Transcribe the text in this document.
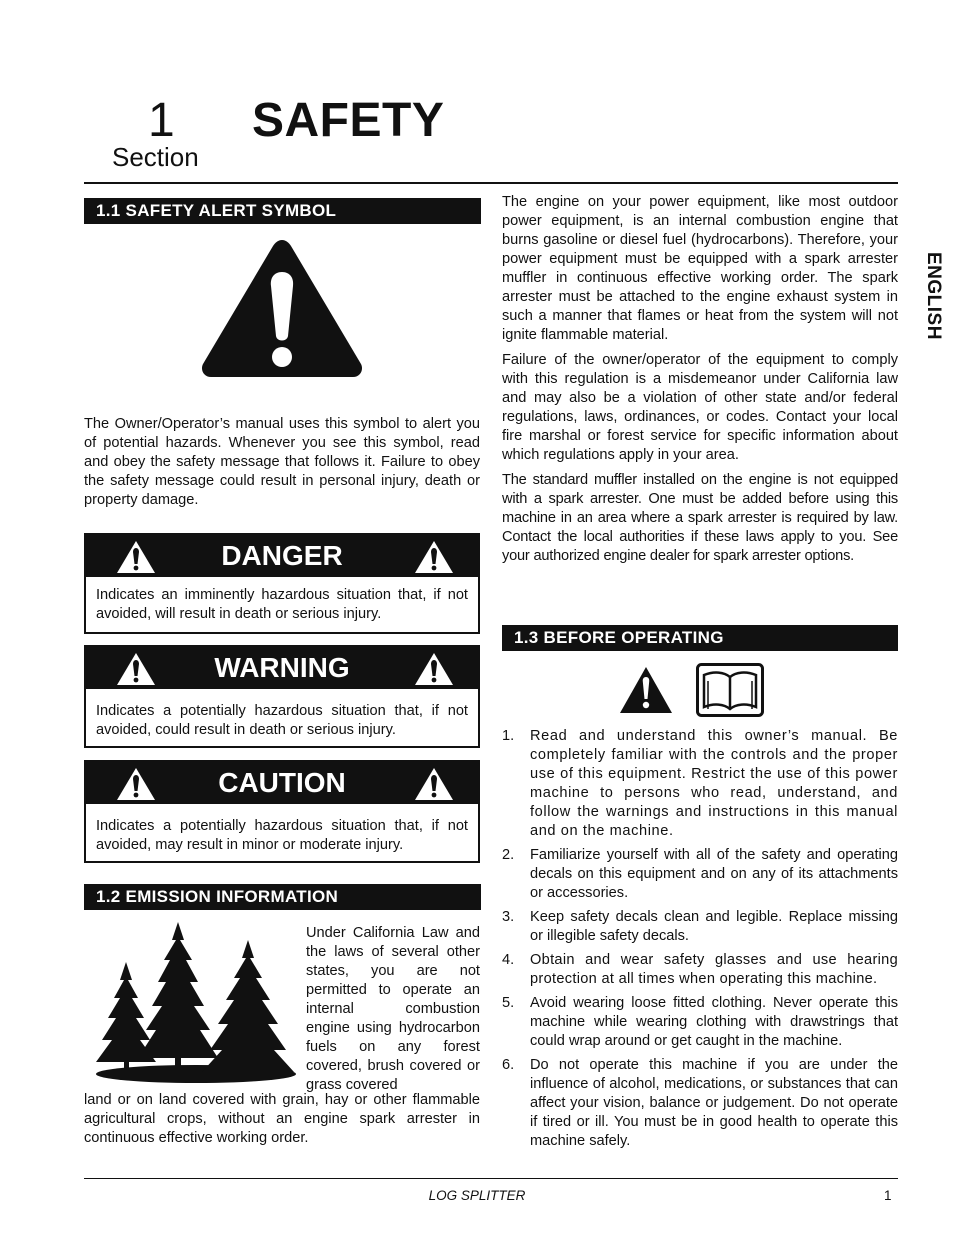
1
Section
SAFETY
ENGLISH
1.1 SAFETY ALERT SYMBOL
The Owner/Operator’s manual uses this symbol to alert you of potential hazards. Whenever you see this symbol, read and obey the safety message that follows it. Failure to obey the safety message could result in personal injury, death or property damage.
DANGER
Indicates an imminently hazardous situation that, if not avoided, will result in death or serious injury.
WARNING
Indicates a potentially hazardous situation that, if not avoided, could result in death or serious injury.
CAUTION
Indicates a potentially hazardous situation that, if not avoided, may result in minor or moderate injury.
1.2 EMISSION INFORMATION
Under California Law and the laws of several other states, you are not permitted to operate an internal combustion engine using hydrocarbon fuels on any forest covered, brush covered or grass covered
land or on land covered with grain, hay or other flammable agricultural crops, without an engine spark arrester in continuous effective working order.
The engine on your power equipment, like most outdoor power equipment, is an internal combustion engine that burns gasoline or diesel fuel (hydrocarbons). Therefore, your power equipment must be equipped with a spark arrester muffler in continuous effective working order. The spark arrester must be attached to the engine exhaust system in such a manner that flames or heat from the system will not ignite flammable material.
Failure of the owner/operator of the equipment to comply with this regulation is a misdemeanor under California law and may also be a violation of other state and/or federal regulations, laws, ordinances, or codes. Contact your local fire marshal or forest service for specific information about which regulations apply in your area.
The standard muffler installed on the engine is not equipped with a spark arrester. One must be added before using this machine in an area where a spark arrester is required by law. Contact the local authorities if these laws apply to you. See your authorized engine dealer for spark arrester options.
1.3 BEFORE OPERATING
1. Read and understand this owner’s manual. Be completely familiar with the controls and the proper use of this equipment. Restrict the use of this power machine to persons who read, understand, and follow the warnings and instructions in this manual and on the machine.
2. Familiarize yourself with all of the safety and operating decals on this equipment and on any of its attachments or accessories.
3. Keep safety decals clean and legible. Replace missing or illegible safety decals.
4. Obtain and wear safety glasses and use hearing protection at all times when operating this machine.
5. Avoid wearing loose fitted clothing. Never operate this machine while wearing clothing with drawstrings that could wrap around or get caught in the machine.
6. Do not operate this machine if you are under the influence of alcohol, medications, or substances that can affect your vision, balance or judgement. Do not operate if tired or ill. You must be in good health to operate this machine safely.
LOG SPLITTER	1
